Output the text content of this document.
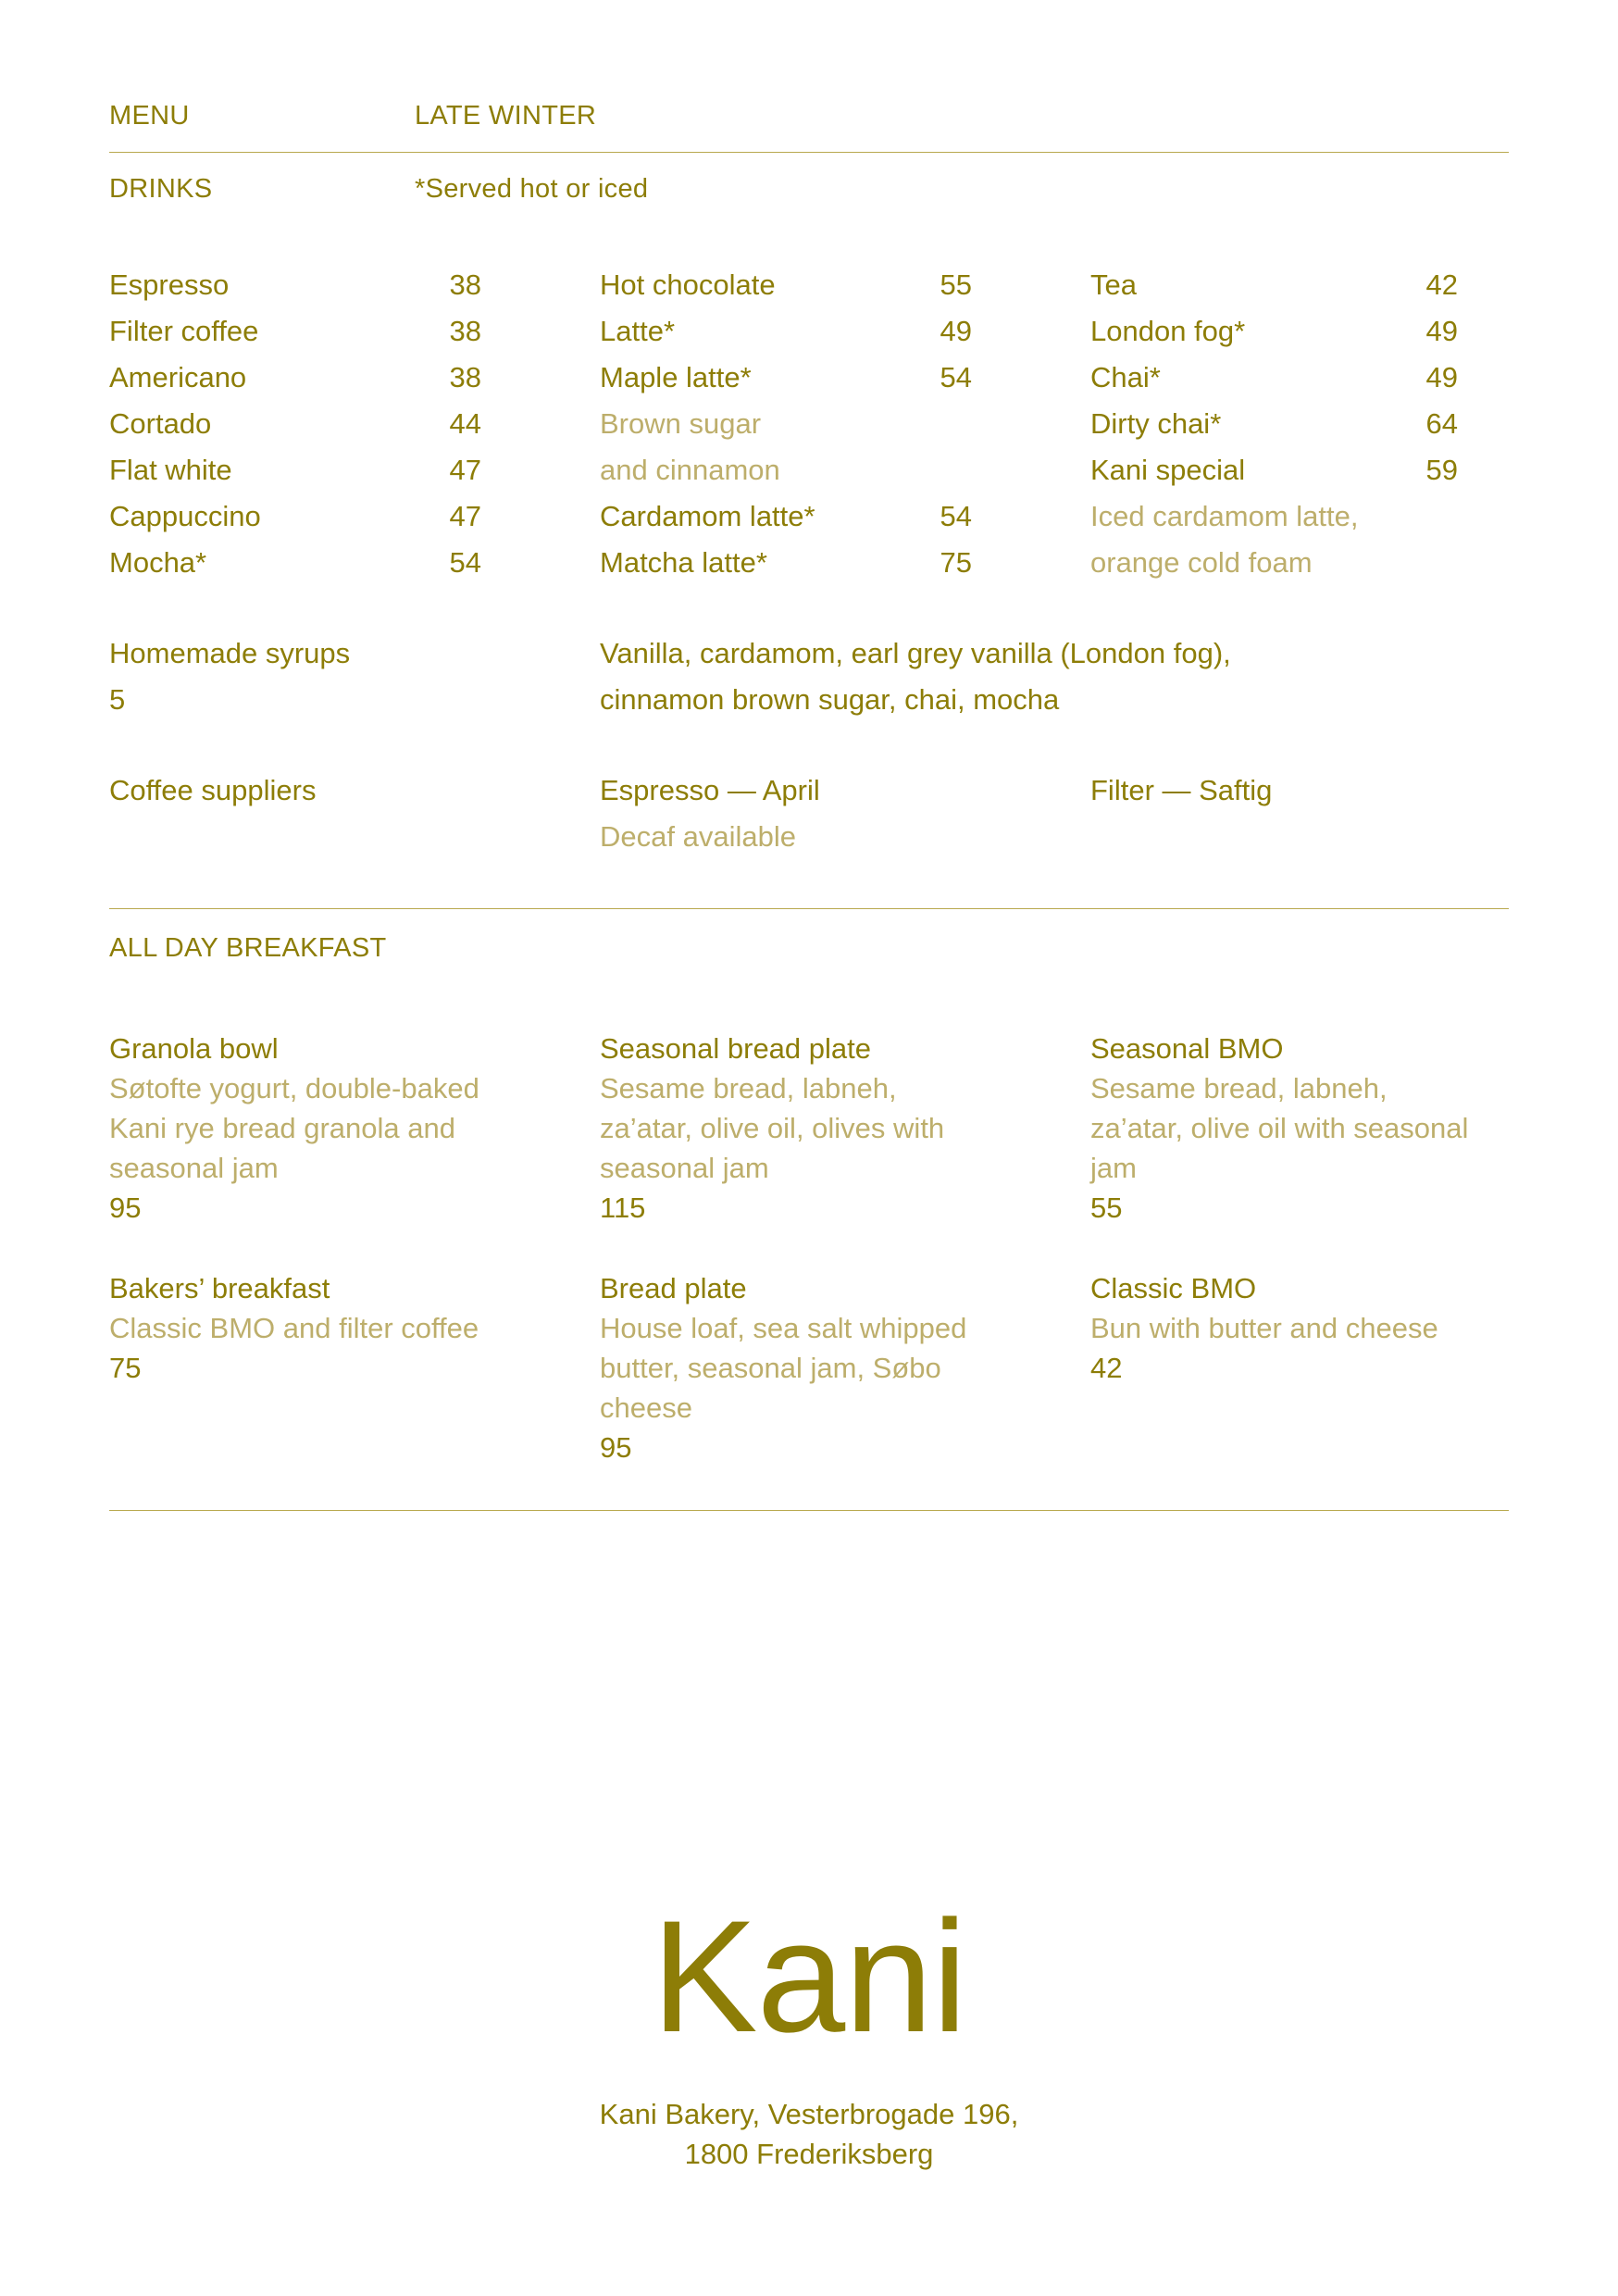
MENU	LATE WINTER
DRINKS	*Served hot or iced
Espresso	38
Filter coffee	38
Americano	38
Cortado	44
Flat white	47
Cappuccino	47
Mocha*	54
Hot chocolate	55
Latte*	49
Maple latte*	54
Brown sugar
and cinnamon
Cardamom latte*	54
Matcha latte*	75
Tea	42
London fog*	49
Chai*	49
Dirty chai*	64
Kani special	59
Iced cardamom latte,
orange cold foam
Homemade syrups
5
Vanilla, cardamom, earl grey vanilla (London fog),
cinnamon brown sugar, chai, mocha
Coffee suppliers	Espresso — April
Decaf available
Filter — Saftig
ALL DAY BREAKFAST
Granola bowl
Søtofte yogurt, double-baked Kani rye bread granola and seasonal jam
95
Bakers’ breakfast
Classic BMO and filter coffee
75
Seasonal bread plate
Sesame bread, labneh, za’atar, olive oil, olives with seasonal jam
115
Bread plate
House loaf, sea salt whipped butter, seasonal jam, Søbo cheese
95
Seasonal BMO
Sesame bread, labneh, za’atar, olive oil with seasonal jam
55
Classic BMO
Bun with butter and cheese
42
Kani
Kani Bakery, Vesterbrogade 196,
1800 Frederiksberg
